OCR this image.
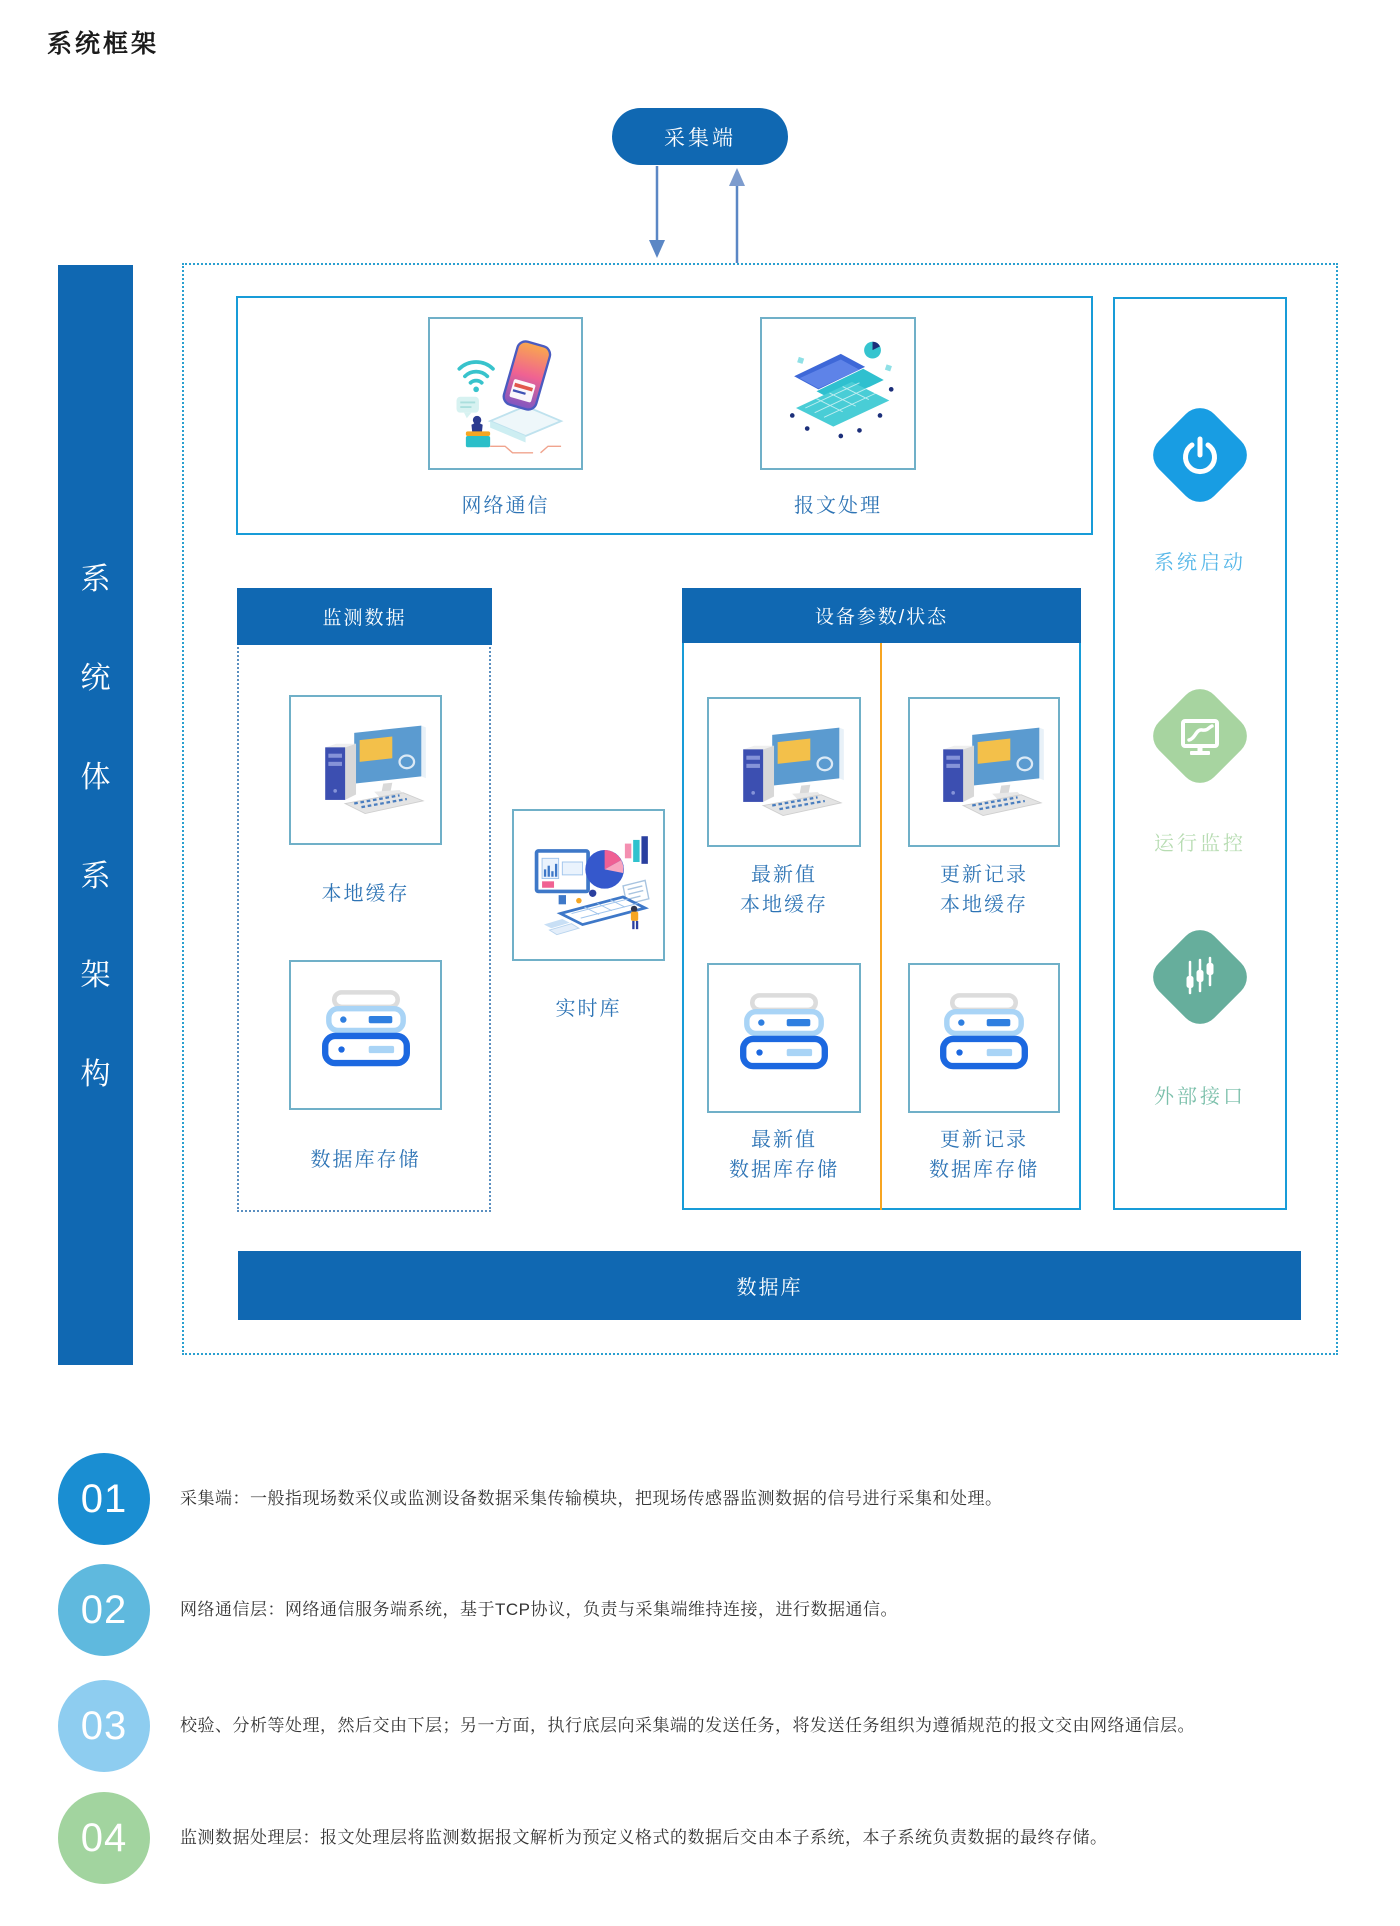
系统框架
采集端
系
统
体
系
架
构
网络通信	报文处理
监测数据
本地缓存
数据库存储
实时库
设备参数/状态
最新值
本地缓存
更新记录
本地缓存
最新值
数据库存储
更新记录
数据库存储
系统启动
运行监控
外部接口
数据库
01	采集端：一般指现场数采仪或监测设备数据采集传输模块，把现场传感器监测数据的信号进行采集和处理。
02	网络通信层：网络通信服务端系统，基于TCP协议，负责与采集端维持连接，进行数据通信。
03	校验、分析等处理，然后交由下层；另一方面，执行底层向采集端的发送任务，将发送任务组织为遵循规范的报文交由网络通信层。
04	监测数据处理层：报文处理层将监测数据报文解析为预定义格式的数据后交由本子系统，本子系统负责数据的最终存储。
